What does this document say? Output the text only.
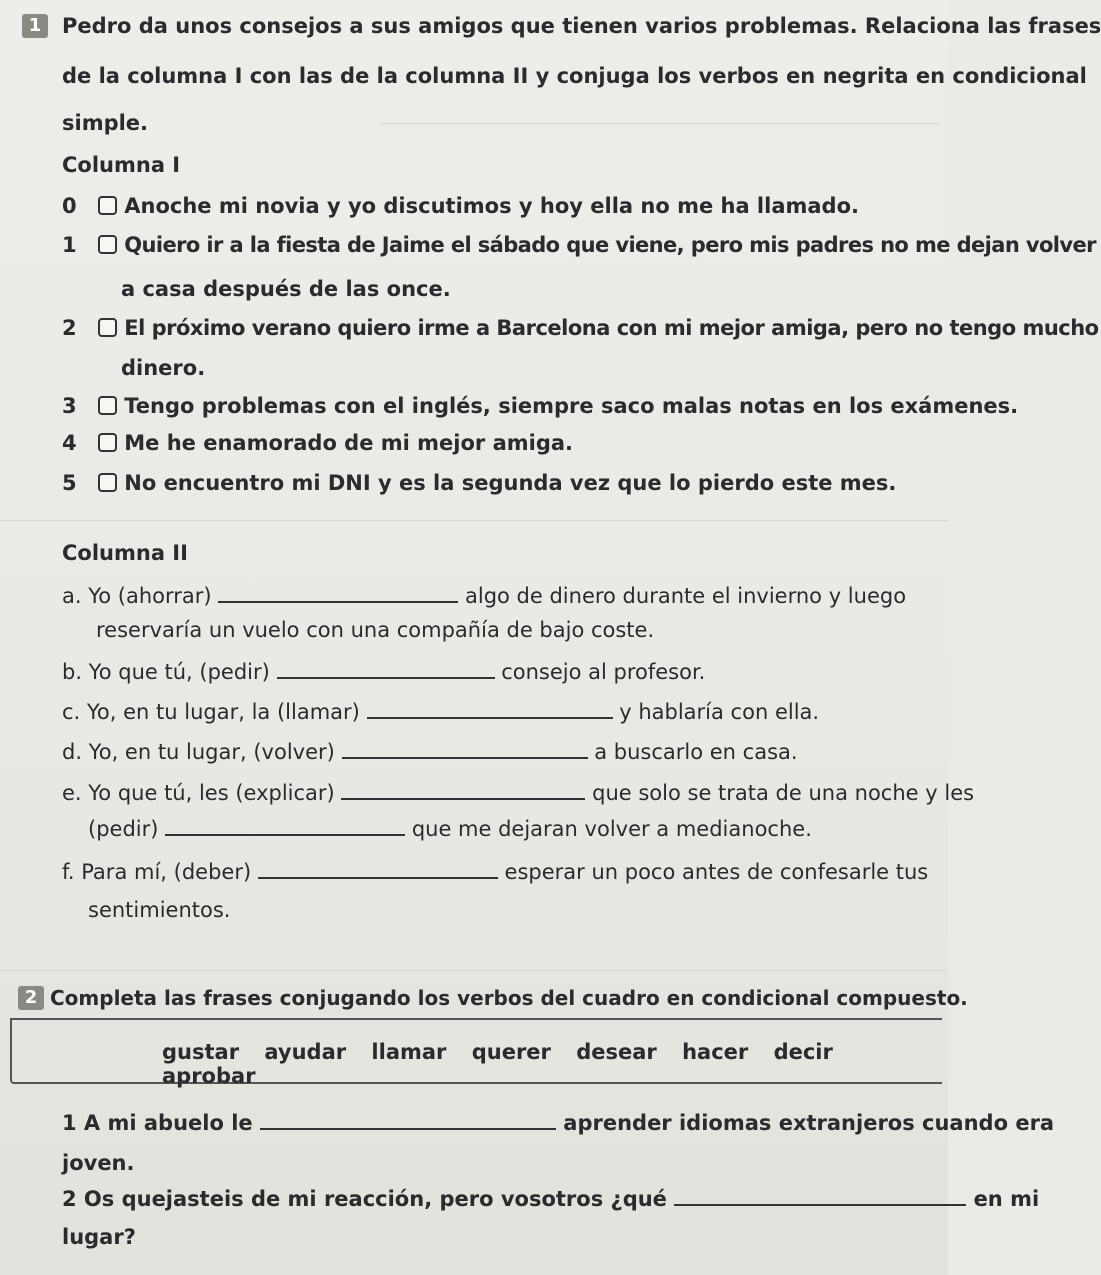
1 Pedro da unos consejos a sus amigos que tienen varios problemas. Relaciona las frases
de la columna I con las de la columna II y conjuga los verbos en negrita en condicional
simple.
Columna I
0 Anoche mi novia y yo discutimos y hoy ella no me ha llamado.
1 Quiero ir a la fiesta de Jaime el sábado que viene, pero mis padres no me dejan volver
a casa después de las once.
2 El próximo verano quiero irme a Barcelona con mi mejor amiga, pero no tengo mucho
dinero.
3 Tengo problemas con el inglés, siempre saco malas notas en los exámenes.
4 Me he enamorado de mi mejor amiga.
5 No encuentro mi DNI y es la segunda vez que lo pierdo este mes.
Columna II
a. Yo (ahorrar)	algo de dinero durante el invierno y luego
reservaría un vuelo con una compañía de bajo coste.
b. Yo que tú, (pedir)	consejo al profesor.
c. Yo, en tu lugar, la (llamar)	y hablaría con ella.
d. Yo, en tu lugar, (volver)	a buscarlo en casa.
e. Yo que tú, les (explicar)	que solo se trata de una noche y les
(pedir)	que me dejaran volver a medianoche.
f. Para mí, (deber)	esperar un poco antes de confesarle tus
sentimientos.
2 Completa las frases conjugando los verbos del cuadro en condicional compuesto.
gustar ayudar llamar querer desear hacer decir aprobar
1 A mi abuelo le	aprender idiomas extranjeros cuando era
joven.
2 Os quejasteis de mi reacción, pero vosotros ¿qué	en mi
lugar?
